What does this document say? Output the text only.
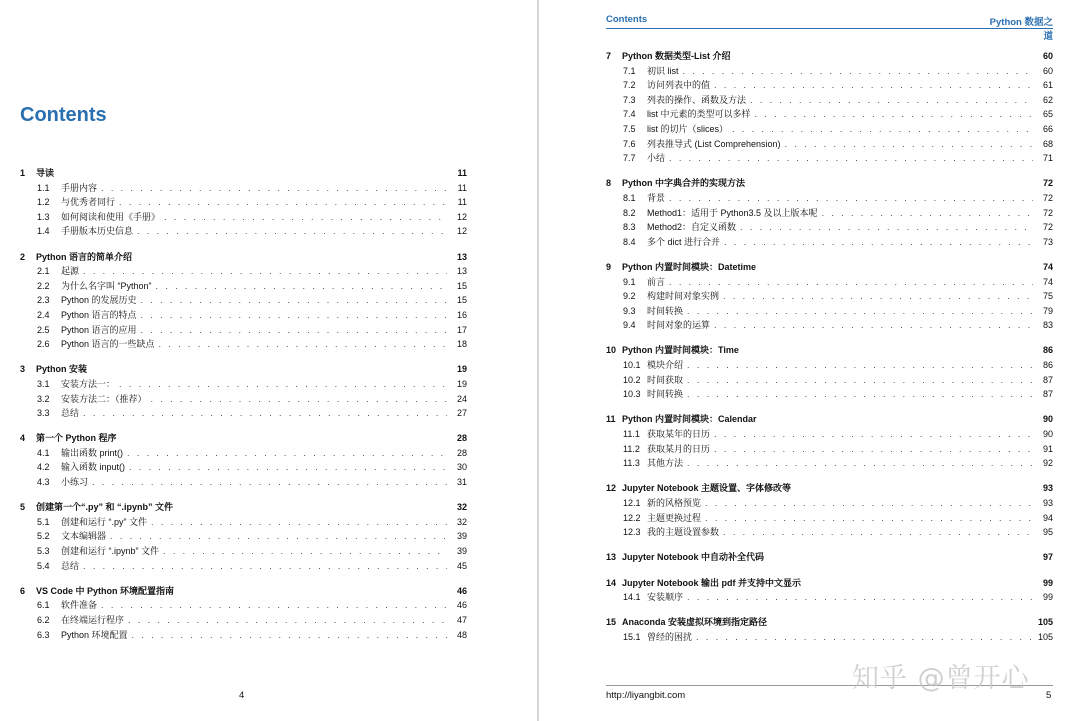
Contents
4
1	导读	11
1.1	手册内容 . . .	11
1.2	与优秀者同行 . . .	11
1.3	如何阅读和使用《手册》 . . .	12
1.4	手册版本历史信息 . . .	12
2	Python 语言的简单介绍	13
2.1	起源 . . .	13
2.2	为什么名字叫 “Python” . . .	15
2.3	Python 的发展历史 . . .	15
2.4	Python 语言的特点 . . .	16
2.5	Python 语言的应用 . . .	17
2.6	Python 语言的一些缺点 . . .	18
3	Python 安装	19
3.1	安装方法一： . . .	19
3.2	安装方法二：（推荐） . . .	24
3.3	总结 . . .	27
4	第一个 Python 程序	28
4.1	输出函数 print() . . .	28
4.2	输入函数 input() . . .	30
4.3	小练习 . . .	31
5	创建第一个“.py” 和 “.ipynb” 文件	32
5.1	创建和运行 “.py” 文件 . . .	32
5.2	文本编辑器 . . .	39
5.3	创建和运行 “.ipynb” 文件 . . .	39
5.4	总结 . . .	45
6	VS Code 中 Python 环境配置指南	46
6.1	软件准备 . . .	46
6.2	在终端运行程序 . . .	47
6.3	Python 环境配置 . . .	48
Contents	Python 数据之道
7	Python 数据类型-List 介绍	60
7.1	初识 list . . .	60
7.2	访问列表中的值 . . .	61
7.3	列表的操作、函数及方法 . . .	62
7.4	list 中元素的类型可以多样 . . .	65
7.5	list 的切片（slices） . . .	66
7.6	列表推导式 (List Comprehension) . . .	68
7.7	小结 . . .	71
8	Python 中字典合并的实现方法	72
8.1	背景 . . .	72
8.2	Method1：适用于 Python3.5 及以上版本呢 . . .	72
8.3	Method2：自定义函数 . . .	72
8.4	多个 dict 进行合并 . . .	73
9	Python 内置时间模块：Datetime	74
9.1	前言 . . .	74
9.2	构建时间对象实例 . . .	75
9.3	时间转换 . . .	79
9.4	时间对象的运算 . . .	83
10 Python 内置时间模块：Time	86
10.1 模块介绍 . . .	86
10.2 时间获取 . . .	87
10.3 时间转换 . . .	87
11 Python 内置时间模块：Calendar	90
11.1 获取某年的日历 . . .	90
11.2 获取某月的日历 . . .	91
11.3 其他方法 . . .	92
12 Jupyter Notebook 主题设置、字体修改等	93
12.1 新的风格预览 . . .	93
12.2 主题更换过程 . . .	94
12.3 我的主题设置参数 . . .	95
13 Jupyter Notebook 中自动补全代码	97
14 Jupyter Notebook 输出 pdf 并支持中文显示	99
14.1 安装顺序 . . .	99
15 Anaconda 安装虚拟环境到指定路径	105
15.1 曾经的困扰 . . .	105
http://liyangbit.com	5
知乎 @曾开心
